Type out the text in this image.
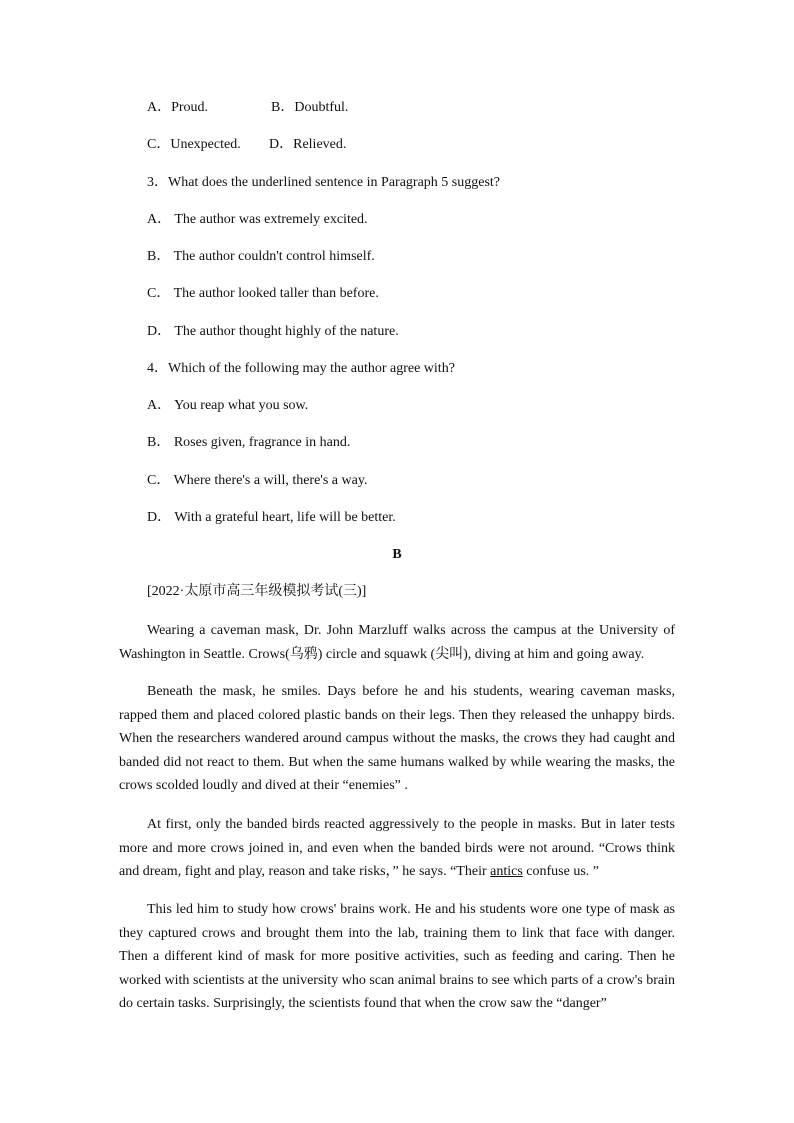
A．Proud.	B．Doubtful.
C．Unexpected. D．Relieved.
3．What does the underlined sentence in Paragraph 5 suggest?
A． The author was extremely excited.
B． The author couldn't control himself.
C． The author looked taller than before.
D． The author thought highly of the nature.
4．Which of the following may the author agree with?
A． You reap what you sow.
B． Roses given, fragrance in hand.
C． Where there's a will, there's a way.
D． With a grateful heart, life will be better.
B
[2022·太原市高三年级模拟考试(三)]
Wearing a caveman mask, Dr. John Marzluff walks across the campus at the University of Washington in Seattle. Crows(乌鸦) circle and squawk (尖叫), diving at him and going away.
Beneath the mask, he smiles. Days before he and his students, wearing caveman masks, rapped them and placed colored plastic bands on their legs. Then they released the unhappy birds. When the researchers wandered around campus without the masks, the crows they had caught and banded did not react to them. But when the same humans walked by while wearing the masks, the crows scolded loudly and dived at their “enemies” .
At first, only the banded birds reacted aggressively to the people in masks. But in later tests more and more crows joined in, and even when the banded birds were not around. “Crows think and dream, fight and play, reason and take risks，” he says. “Their antics confuse us. ”
This led him to study how crows' brains work. He and his students wore one type of mask as they captured crows and brought them into the lab, training them to link that face with danger. Then a different kind of mask for more positive activities, such as feeding and caring. Then he worked with scientists at the university who scan animal brains to see which parts of a crow's brain do certain tasks. Surprisingly, the scientists found that when the crow saw the “danger”
